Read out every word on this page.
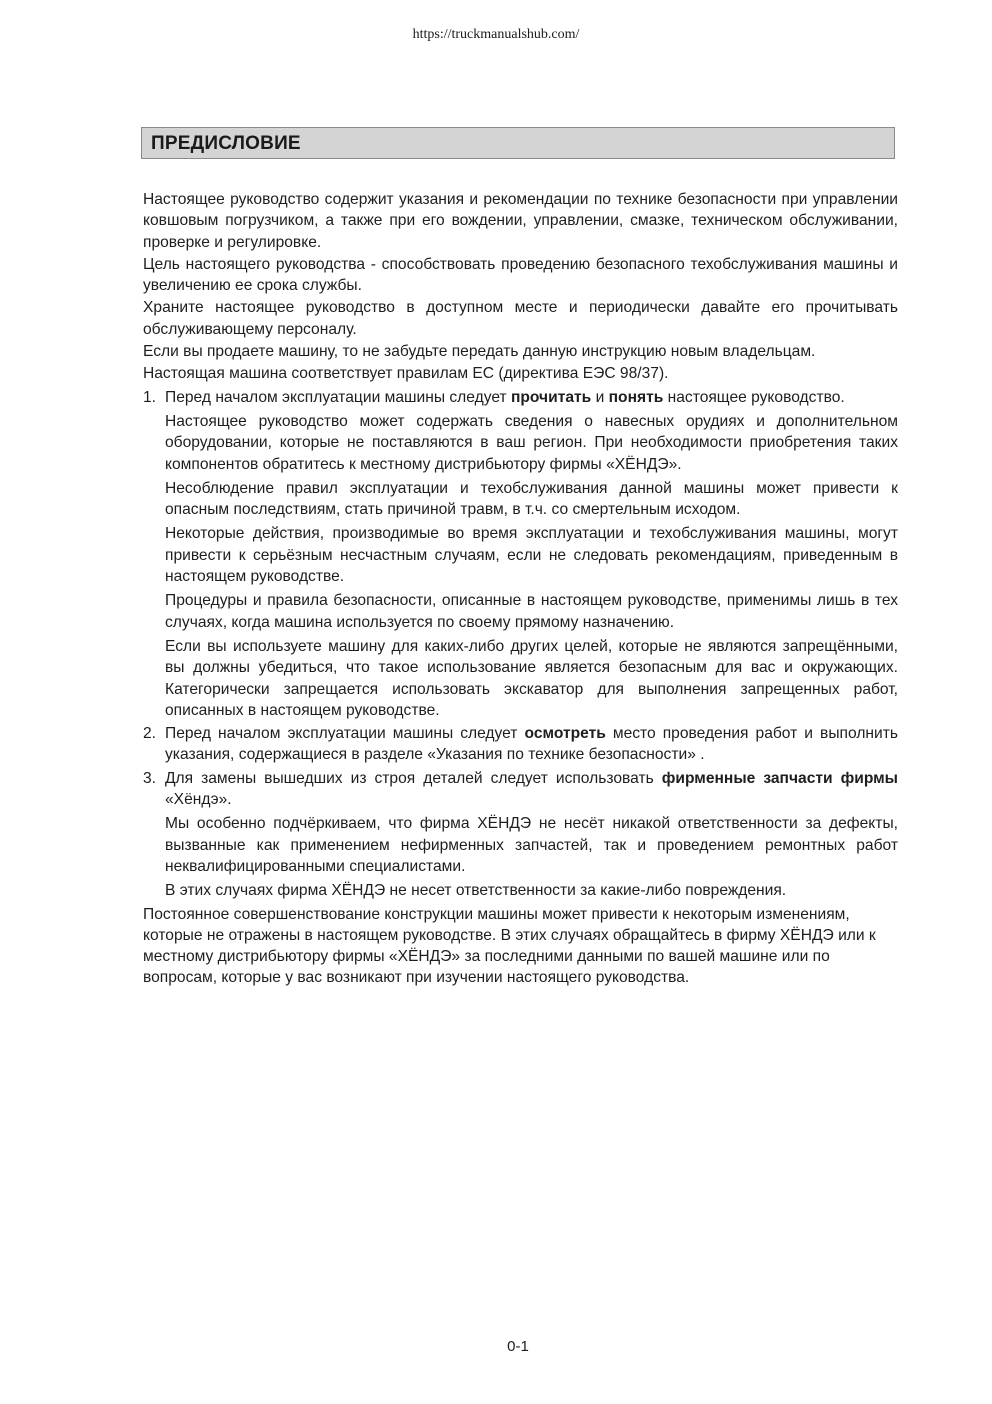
https://truckmanualshub.com/
ПРЕДИСЛОВИЕ

Настоящее руководство содержит указания и рекомендации по технике безопасности при управлении ковшовым погрузчиком, а также при его вождении, управлении, смазке, техническом обслуживании, проверке и регулировке.

Цель настоящего руководства - способствовать проведению безопасного техобслуживания машины и увеличению ее срока службы.

Храните настоящее руководство в доступном месте и периодически давайте его прочитывать обслуживающему персоналу.

Если вы продаете машину, то не забудьте передать данную инструкцию новым владельцам.

Настоящая машина соответствует правилам ЕС (директива ЕЭС 98/37).

1. Перед началом эксплуатации машины следует прочитать и понять настоящее руководство.

Настоящее руководство может содержать сведения о навесных орудиях и дополнительном оборудовании, которые не поставляются в ваш регион. При необходимости приобретения таких компонентов обратитесь к местному дистрибьютору фирмы «ХЁНДЭ».

Несоблюдение правил эксплуатации и техобслуживания данной машины может привести к опасным последствиям, стать причиной травм, в т.ч. со смертельным исходом.

Некоторые действия, производимые во время эксплуатации и техобслуживания машины, могут привести к серьёзным несчастным случаям, если не следовать рекомендациям, приведенным в настоящем руководстве.

Процедуры и правила безопасности, описанные в настоящем руководстве, применимы лишь в тех случаях, когда машина используется по своему прямому назначению.

Если вы используете машину для каких-либо других целей, которые не являются запрещёнными, вы должны убедиться, что такое использование является безопасным для вас и окружающих. Категорически запрещается использовать экскаватор для выполнения запрещенных работ, описанных в настоящем руководстве.

2. Перед началом эксплуатации машины следует осмотреть место проведения работ и выполнить указания, содержащиеся в разделе «Указания по технике безопасности» .

3. Для замены вышедших из строя деталей следует использовать фирменные запчасти фирмы «Хёндэ».

Мы особенно подчёркиваем, что фирма ХЁНДЭ не несёт никакой ответственности за дефекты, вызванные как применением нефирменных запчастей, так и проведением ремонтных работ неквалифицированными специалистами.

В этих случаях фирма ХЁНДЭ не несет ответственности за какие-либо повреждения.

Постоянное совершенствование конструкции машины может привести к некоторым изменениям, которые не отражены в настоящем руководстве. В этих случаях обращайтесь в фирму ХЁНДЭ или к местному дистрибьютору фирмы «ХЁНДЭ» за последними данными по вашей машине или по вопросам, которые у вас возникают при изучении настоящего руководства.

0-1
